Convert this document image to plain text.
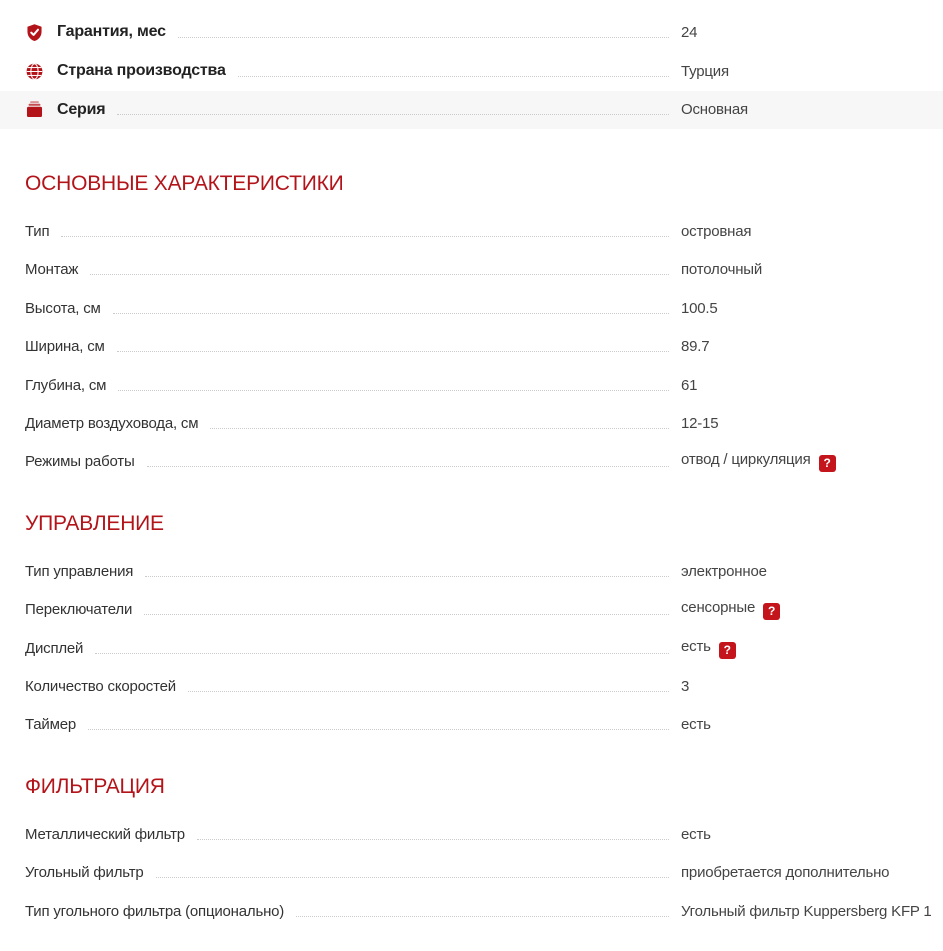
Гарантия, мес	24
Страна производства	Турция
Серия	Основная
ОСНОВНЫЕ ХАРАКТЕРИСТИКИ
Тип	островная
Монтаж	потолочный
Высота, см	100.5
Ширина, см	89.7
Глубина, см	61
Диаметр воздуховода, см	12-15
Режимы работы	отвод / циркуляция ?
УПРАВЛЕНИЕ
Тип управления	электронное
Переключатели	сенсорные ?
Дисплей	есть ?
Количество скоростей	3
Таймер	есть
ФИЛЬТРАЦИЯ
Металлический фильтр	есть
Угольный фильтр	приобретается дополнительно
Тип угольного фильтра (опционально)	Угольный фильтр Kuppersberg KFP 1
